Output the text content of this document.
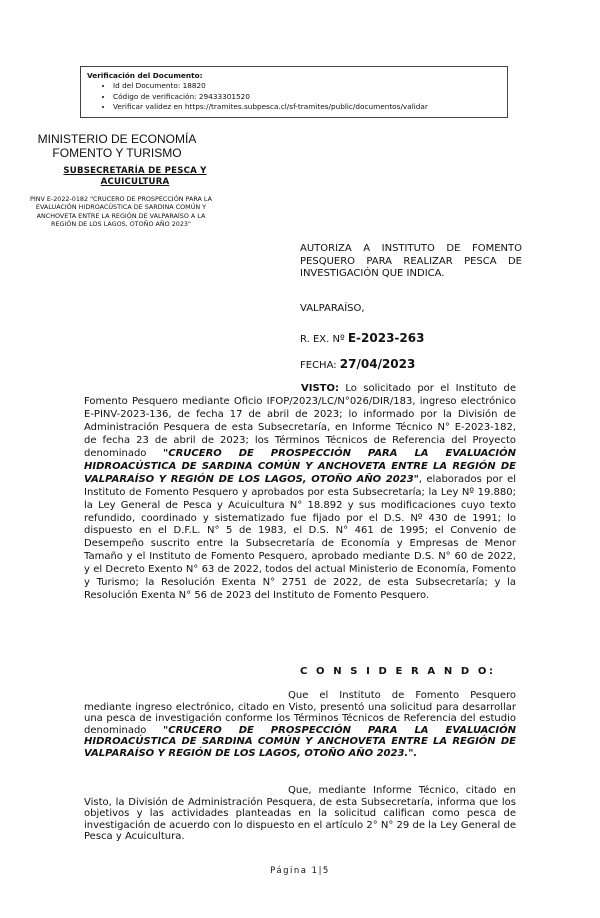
Verificación del Documento:
• Id del Documento: 18820
• Código de verificación: 29433301520
• Verificar validez en https://tramites.subpesca.cl/sf-tramites/public/documentos/validar
MINISTERIO DE ECONOMÍA
FOMENTO Y TURISMO
SUBSECRETARÍA DE PESCA Y ACUICULTURA
PINV E-2022-0182 "CRUCERO DE PROSPECCIÓN PARA LA EVALUACIÓN HIDROACÚSTICA DE SARDINA COMÚN Y ANCHOVETA ENTRE LA REGIÓN DE VALPARAÍSO A LA REGIÓN DE LOS LAGOS, OTOÑO AÑO 2023"
AUTORIZA A INSTITUTO DE FOMENTO PESQUERO PARA REALIZAR PESCA DE INVESTIGACIÓN QUE INDICA.
VALPARAÍSO,
R. EX. Nº E-2023-263
FECHA: 27/04/2023

VISTO: Lo solicitado por el Instituto de Fomento Pesquero mediante Oficio IFOP/2023/LC/N°026/DIR/183, ingreso electrónico E-PINV-2023-136, de fecha 17 de abril de 2023; lo informado por la División de Administración Pesquera de esta Subsecretaría, en Informe Técnico N° E-2023-182, de fecha 23 de abril de 2023; los Términos Técnicos de Referencia del Proyecto denominado "CRUCERO DE PROSPECCIÓN PARA LA EVALUACIÓN HIDROACÚSTICA DE SARDINA COMÚN Y ANCHOVETA ENTRE LA REGIÓN DE VALPARAÍSO Y REGIÓN DE LOS LAGOS, OTOÑO AÑO 2023", elaborados por el Instituto de Fomento Pesquero y aprobados por esta Subsecretaría; la Ley Nº 19.880; la Ley General de Pesca y Acuicultura N° 18.892 y sus modificaciones cuyo texto refundido, coordinado y sistematizado fue fijado por el D.S. Nº 430 de 1991; lo dispuesto en el D.F.L. N° 5 de 1983, el D.S. N° 461 de 1995; el Convenio de Desempeño suscrito entre la Subsecretaría de Economía y Empresas de Menor Tamaño y el Instituto de Fomento Pesquero, aprobado mediante D.S. N° 60 de 2022, y el Decreto Exento N° 63 de 2022, todos del actual Ministerio de Economía, Fomento y Turismo; la Resolución Exenta N° 2751 de 2022, de esta Subsecretaría; y la Resolución Exenta N° 56 de 2023 del Instituto de Fomento Pesquero.

C O N S I D E R A N D O:

Que el Instituto de Fomento Pesquero mediante ingreso electrónico, citado en Visto, presentó una solicitud para desarrollar una pesca de investigación conforme los Términos Técnicos de Referencia del estudio denominado "CRUCERO DE PROSPECCIÓN PARA LA EVALUACIÓN HIDROACÚSTICA DE SARDINA COMÚN Y ANCHOVETA ENTRE LA REGIÓN DE VALPARAÍSO Y REGIÓN DE LOS LAGOS, OTOÑO AÑO 2023.".

Que, mediante Informe Técnico, citado en Visto, la División de Administración Pesquera, de esta Subsecretaría, informa que los objetivos y las actividades planteadas en la solicitud califican como pesca de investigación de acuerdo con lo dispuesto en el artículo 2° N° 29 de la Ley General de Pesca y Acuicultura.

Página 1|5
